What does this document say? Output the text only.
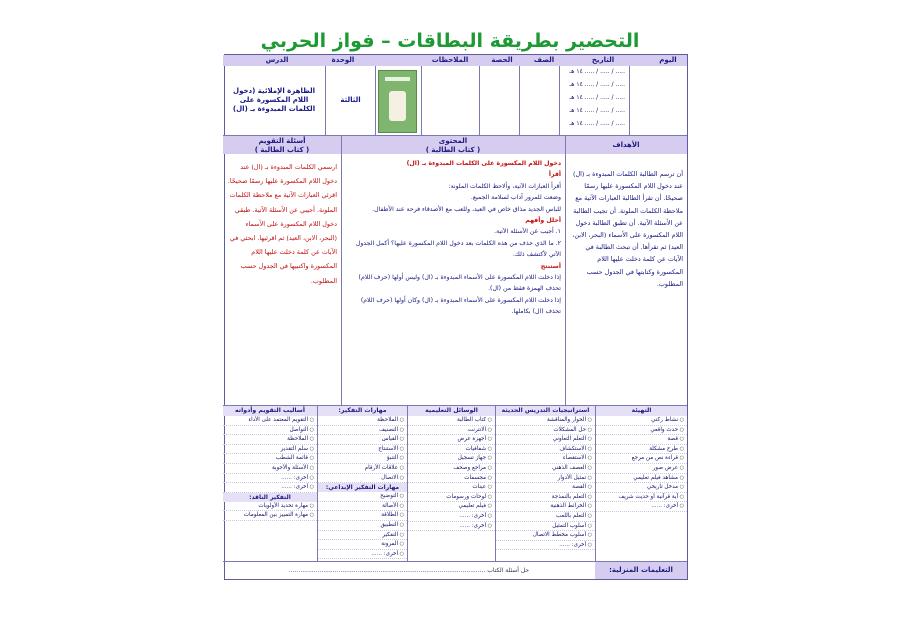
التحضير بطريقة البطاقات – فواز الحربي
اليوم
التاريخ
الصف
الحصة
الملاحظات
الوحدة
الدرس
..... / ..... / ..... ١٤ هـ
..... / ..... / ..... ١٤ هـ
..... / ..... / ..... ١٤ هـ
..... / ..... / ..... ١٤ هـ
..... / ..... / ..... ١٤ هـ
الثالثة
الظاهرة الإملائية (دخول اللام المكسورة على الكلمات المبدوءة بـ (ال)
الأهداف
أن ترسم الطالبة الكلمات المبدوءة بـ (ال) عند دخول اللام المكسورة عليها رسمًا صحيحًا. أن تقرأ الطالبة العبارات الآتية مع ملاحظة الكلمات الملونة. أن تجيب الطالبة عن الأسئلة الآتية. أن تطبق الطالبة دخول اللام المكسورة على الأسماء (البحر، الابن، العيد) ثم تقرأها. أن تبحث الطالبة في الآيات عن كلمة دخلت عليها اللام المكسورة وكتابتها في الجدول حسب المطلوب.
المحتوى
( كتاب الطالبة )
دخول اللام المكسورة على الكلمات المبدوءة بـ (ال)
أقرأ
أقرأ العبارات الآتية، وألاحظ الكلمات الملونة:
وضعت للمرور آداب لسلامة الجميع.
للباس الجديد مذاق خاص في العيد، وللعب مع الأصدقاء فرحة عند الأطفال.
أحلل وأفهم
١. أجيب عن الأسئلة الآتية.
٢. ما الذي حذف من هذه الكلمات بعد دخول اللام المكسورة عليها؟ أكمل الجدول الآتي لأكتشف ذلك.
أستنتج
إذا دخلت اللام المكسورة على الأسماء المبدوءة بـ (ال) وليس أولها (حرف اللام) تحذف الهمزة فقط من (ال).
إذا دخلت اللام المكسورة على الأسماء المبدوءة بـ (ال) وكان أولها (حرف اللام) تحذف (ال) بكاملها.
أسئلة التقويم
( كتاب الطالبة )
ارسمي الكلمات المبدوءة بـ (ال) عند دخول اللام المكسورة عليها رسمًا صحيحًا. اقرئي العبارات الآتية مع ملاحظة الكلمات الملونة. أجيبي عن الأسئلة الآتية. طبقي دخول اللام المكسورة على الأسماء (البحر، الابن، العيد) ثم اقرئيها. ابحثي في الآيات عن كلمة دخلت عليها اللام المكسورة واكتبيها في الجدول حسب المطلوب.
التهيئة
○ نشاط ركني
○ حدث واقعي
○ قصة
○ طرح مشكلة
○ قراءة نص من مرجع
○ عرض صور
○ مشاهد فيلم تعليمي
○ مدخل تاريخي
○ آية قرآنية أو حديث شريف
○ أخرى: ......
استراتيجيات التدريس الحديثة
○ الحوار والمناقشة
○ حل المشكلات
○ التعلم التعاوني
○ الاستكشاف
○ الاستقصاء
○ العصف الذهني
○ تمثيل الأدوار
○ القصة
○ التعلم بالنمذجة
○ الخرائط الذهنية
○ التعلم باللعب
○ أسلوب التمثيل
○ أسلوب مخطط الاتصال
○ أخرى: ......
الوسائل التعليمية
○ كتاب الطالبة
○ الانترنت
○ أجهزة عرض
○ شفافيات
○ جهاز تسجيل
○ مراجع وصحف
○ مجسمات
○ عينات
○ لوحات ورسومات
○ فيلم تعليمي
○ أخرى: ......
○ أخرى: ......
مهارات التفكير:
○ الملاحظة
○ التصنيف
○ القياس
○ الاستنتاج
○ التنبؤ
○ علاقات الأرقام
○ الاتصال
مهارات التفكير الإبداعي:
○ التوضيح
○ الأصالة
○ الطلاقة
○ التطبيق
○ التفكير
○ المرونة
○ أخرى: ......
أساليب التقويم وأدواته
○ التقويم المعتمد على الأداء
○ التواصل
○ الملاحظة
○ سلم التقدير
○ قائمة الشطب
○ الأسئلة والأجوبة
○ أخرى: ......
○ أخرى: ......
التفكير الناقد:
○ مهارة تحديد الأولويات
○ مهارة التمييز بين المعلومات
التعليمات المنزلية:
حل أسئلة الكتاب .......................................................................................................
